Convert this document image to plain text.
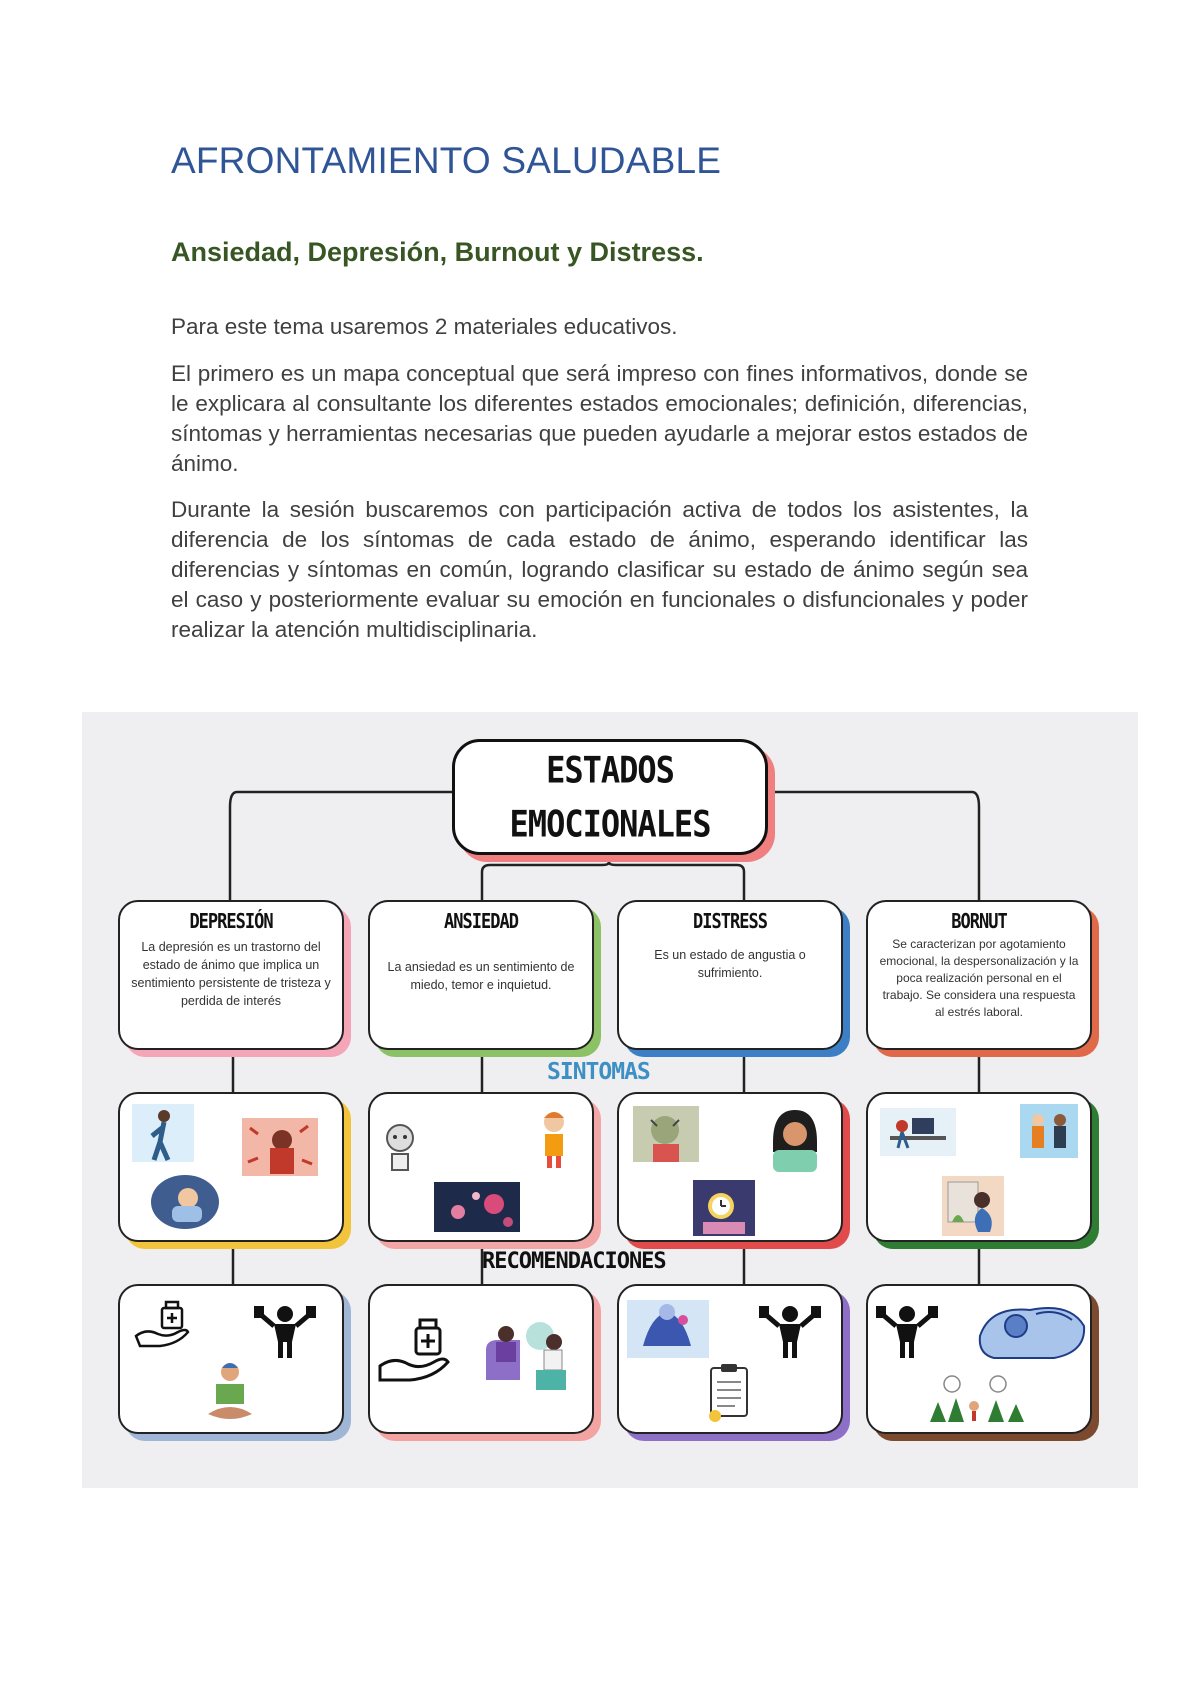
AFRONTAMIENTO SALUDABLE
Ansiedad, Depresión, Burnout y Distress.

Para este tema usaremos 2 materiales educativos.

El primero es un mapa conceptual que será impreso con fines informativos, donde se le explicara al consultante los diferentes estados emocionales; definición, diferencias, síntomas y herramientas necesarias que pueden ayudarle a mejorar estos estados de ánimo.

Durante la sesión buscaremos con participación activa de todos los asistentes, la diferencia de los síntomas de cada estado de ánimo, esperando identificar las diferencias y síntomas en común, logrando clasificar su estado de ánimo según sea el caso y posteriormente evaluar su emoción en funcionales o disfuncionales y poder realizar la atención multidisciplinaria.

ESTADOS
EMOCIONALES
DEPRESIÓN
La depresión es un trastorno del estado de ánimo que implica un sentimiento persistente de tristeza y perdida de interés
ANSIEDAD
La ansiedad es un sentimiento de miedo, temor e inquietud.
DISTRESS
Es un estado de angustia o sufrimiento.
BORNUT
Se caracterizan por agotamiento emocional, la despersonalización y la poca realización personal en el trabajo. Se considera una respuesta al estrés laboral.
SINTOMAS
RECOMENDACIONES
